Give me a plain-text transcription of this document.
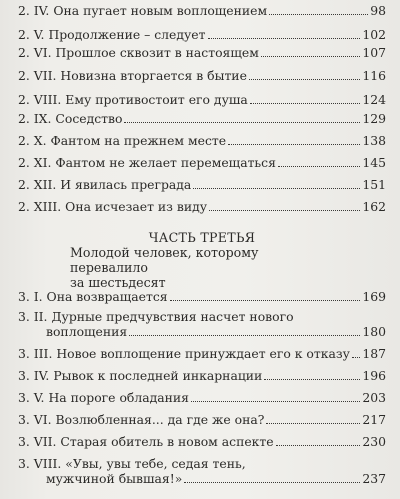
2. IV. Она пугает новым воплощением	98
2. V. Продолжение – следует	102
2. VI. Прошлое сквозит в настоящем	107
2. VII. Новизна вторгается в бытие	116
2. VIII. Ему противостоит его душа	124
2. IX. Соседство	129
2. X. Фантом на прежнем месте	138
2. XI. Фантом не желает перемещаться	145
2. XII. И явилась преграда	151
2. XIII. Она исчезает из виду	162
ЧАСТЬ ТРЕТЬЯ
Молодой человек, которому перевалило
за шестьдесят
3. I. Она возвращается	169
3. II. Дурные предчувствия насчет нового
воплощения	180
3. III. Новое воплощение принуждает его к отказу 187
3. IV. Рывок к последней инкарнации	196
3. V. На пороге обладания	203
3. VI. Возлюбленная... да где же она?	217
3. VII. Старая обитель в новом аспекте	230
3. VIII. «Увы, увы тебе, седая тень,
мужчиной бывшая!»	237
